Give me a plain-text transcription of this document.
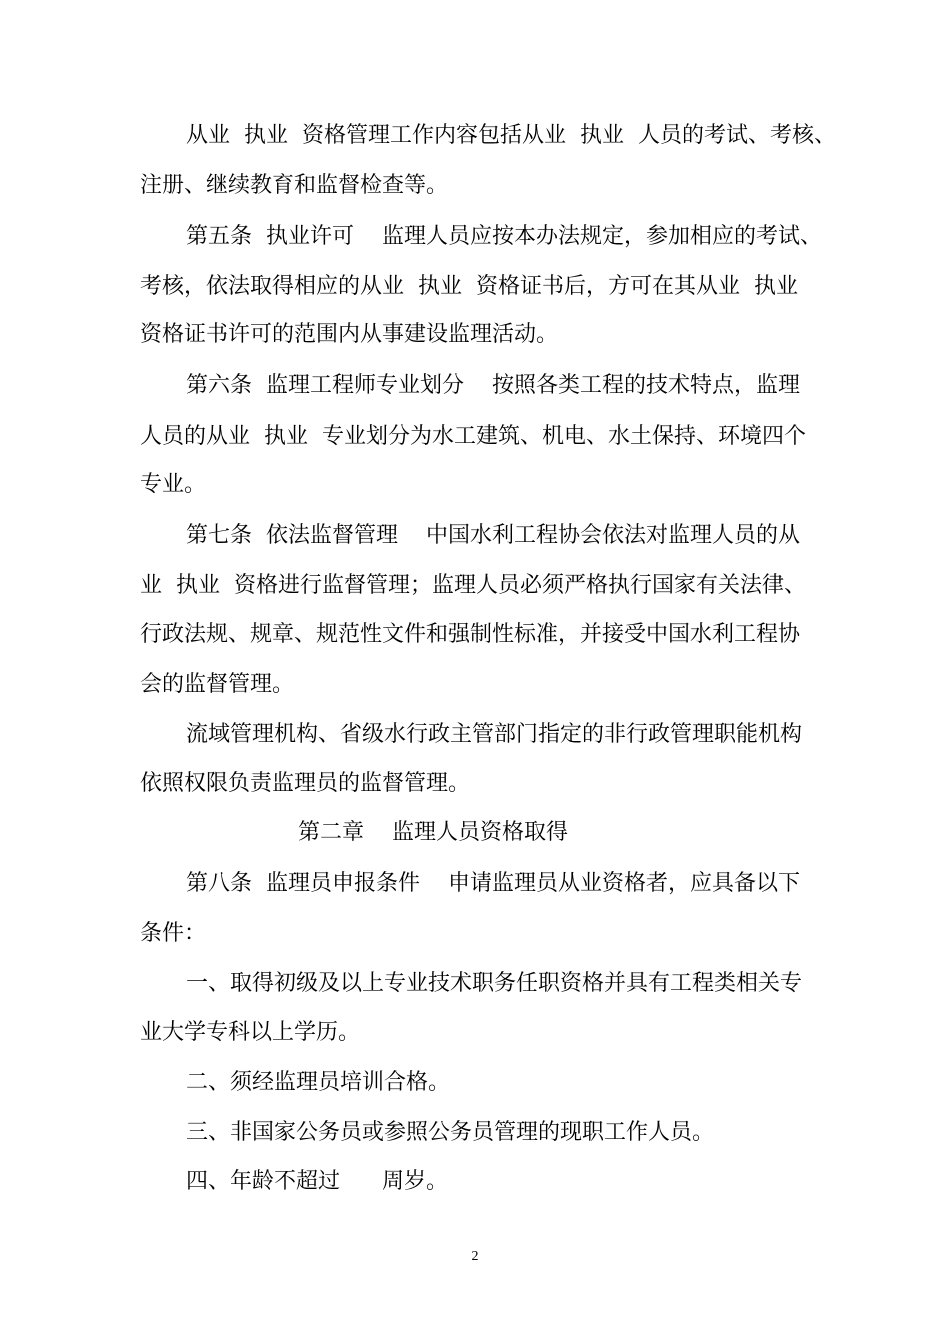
从业  执业  资格管理工作内容包括从业  执业  人员的考试、考核、
注册、继续教育和监督检查等。
第五条  执业许可    监理人员应按本办法规定，参加相应的考试、
考核，依法取得相应的从业  执业  资格证书后，方可在其从业  执业
资格证书许可的范围内从事建设监理活动。
第六条  监理工程师专业划分    按照各类工程的技术特点，监理
人员的从业  执业  专业划分为水工建筑、机电、水土保持、环境四个
专业。
第七条  依法监督管理    中国水利工程协会依法对监理人员的从
业  执业  资格进行监督管理；监理人员必须严格执行国家有关法律、
行政法规、规章、规范性文件和强制性标准，并接受中国水利工程协
会的监督管理。
流域管理机构、省级水行政主管部门指定的非行政管理职能机构
依照权限负责监理员的监督管理。
第二章    监理人员资格取得
第八条  监理员申报条件    申请监理员从业资格者，应具备以下
条件：
一、取得初级及以上专业技术职务任职资格并具有工程类相关专
业大学专科以上学历。
二、须经监理员培训合格。
三、非国家公务员或参照公务员管理的现职工作人员。
四、年龄不超过      周岁。
2
